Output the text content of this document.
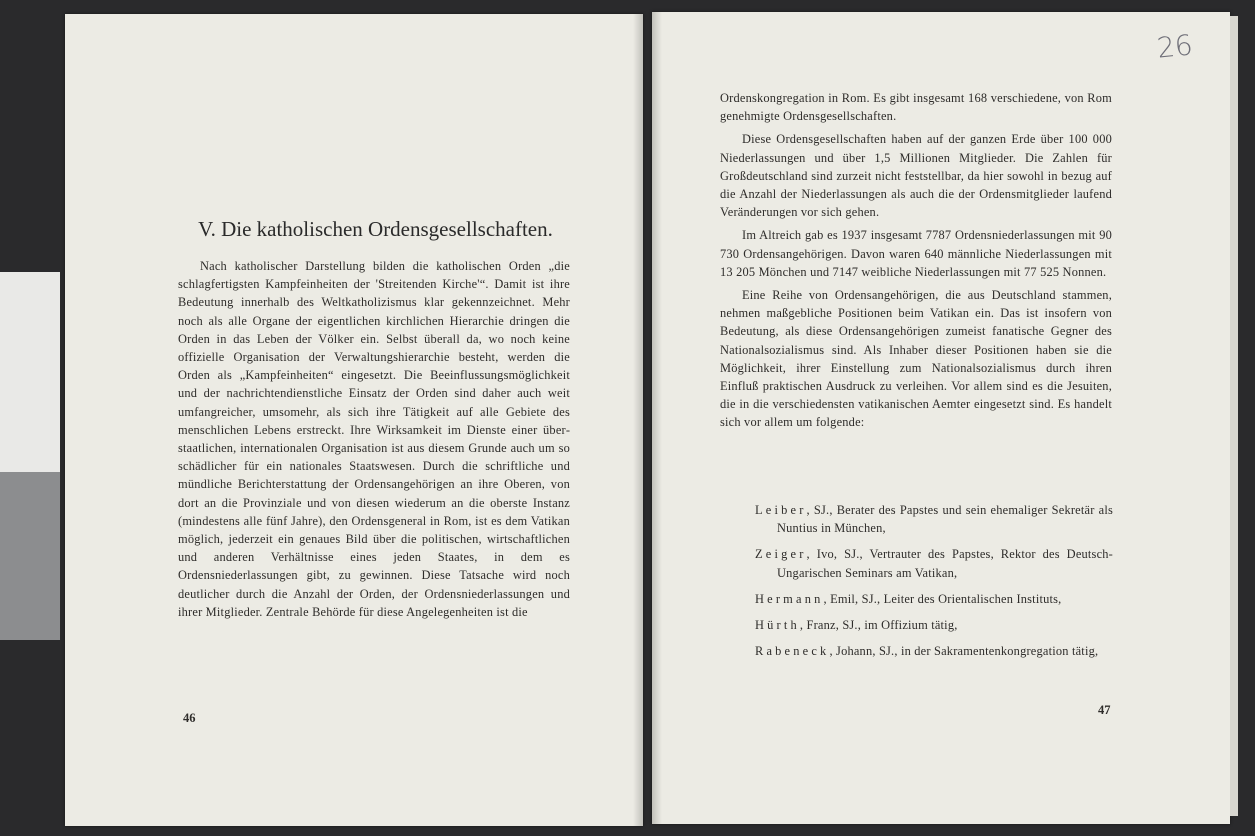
V. Die katholischen Ordensgesellschaften.

Nach katholischer Darstellung bilden die katholischen Orden „die schlagfertigsten Kampfeinheiten der 'Streitenden Kirche'“. Damit ist ihre Bedeutung innerhalb des Weltkatholizismus klar gekennzeichnet. Mehr noch als alle Organe der eigentlichen kirchlichen Hierarchie dringen die Orden in das Leben der Völker ein. Selbst überall da, wo noch keine offizielle Organisation der Verwaltungshierarchie besteht, werden die Orden als „Kampfeinheiten“ eingesetzt. Die Beeinflussungsmöglichkeit und der nachrichtendienstliche Einsatz der Orden sind daher auch weit umfangreicher, umsomehr, als sich ihre Tätigkeit auf alle Gebiete des menschlichen Lebens erstreckt. Ihre Wirksamkeit im Dienste einer überstaatlichen, internationalen Organisation ist aus diesem Grunde auch um so schädlicher für ein nationales Staatswesen. Durch die schriftliche und mündliche Berichterstattung der Ordensangehörigen an ihre Oberen, von dort an die Provinziale und von diesen wiederum an die oberste Instanz (mindestens alle fünf Jahre), den Ordensgeneral in Rom, ist es dem Vatikan möglich, jederzeit ein genaues Bild über die politischen, wirtschaftlichen und anderen Verhältnisse eines jeden Staates, in dem es Ordensniederlassungen gibt, zu gewinnen. Diese Tatsache wird noch deutlicher durch die Anzahl der Orden, der Ordensniederlassungen und ihrer Mitglieder. Zentrale Behörde für diese Angelegenheiten ist die

46
26

Ordenskongregation in Rom. Es gibt insgesamt 168 verschiedene, von Rom genehmigte Ordensgesellschaften.

Diese Ordensgesellschaften haben auf der ganzen Erde über 100 000 Niederlassungen und über 1,5 Millionen Mitglieder. Die Zahlen für Großdeutschland sind zurzeit nicht feststellbar, da hier sowohl in bezug auf die Anzahl der Niederlassungen als auch die der Ordensmitglieder laufend Veränderungen vor sich gehen.

Im Altreich gab es 1937 insgesamt 7787 Ordensniederlassungen mit 90 730 Ordensangehörigen. Davon waren 640 männliche Niederlassungen mit 13 205 Mönchen und 7147 weibliche Niederlassungen mit 77 525 Nonnen.

Eine Reihe von Ordensangehörigen, die aus Deutschland stammen, nehmen maßgebliche Positionen beim Vatikan ein. Das ist insofern von Bedeutung, als diese Ordensangehörigen zumeist fanatische Gegner des Nationalsozialismus sind. Als Inhaber dieser Positionen haben sie die Möglichkeit, ihrer Einstellung zum Nationalsozialismus durch ihren Einfluß praktischen Ausdruck zu verleihen. Vor allem sind es die Jesuiten, die in die verschiedensten vatikanischen Aemter eingesetzt sind. Es handelt sich vor allem um folgende:

Leiber, SJ., Berater des Papstes und sein ehemaliger Sekretär als Nuntius in München,
Zeiger, Ivo, SJ., Vertrauter des Papstes, Rektor des Deutsch-Ungarischen Seminars am Vatikan,
Hermann, Emil, SJ., Leiter des Orientalischen Instituts,
Hürth, Franz, SJ., im Offizium tätig,
Rabeneck, Johann, SJ., in der Sakramentenkongregation tätig,
47
